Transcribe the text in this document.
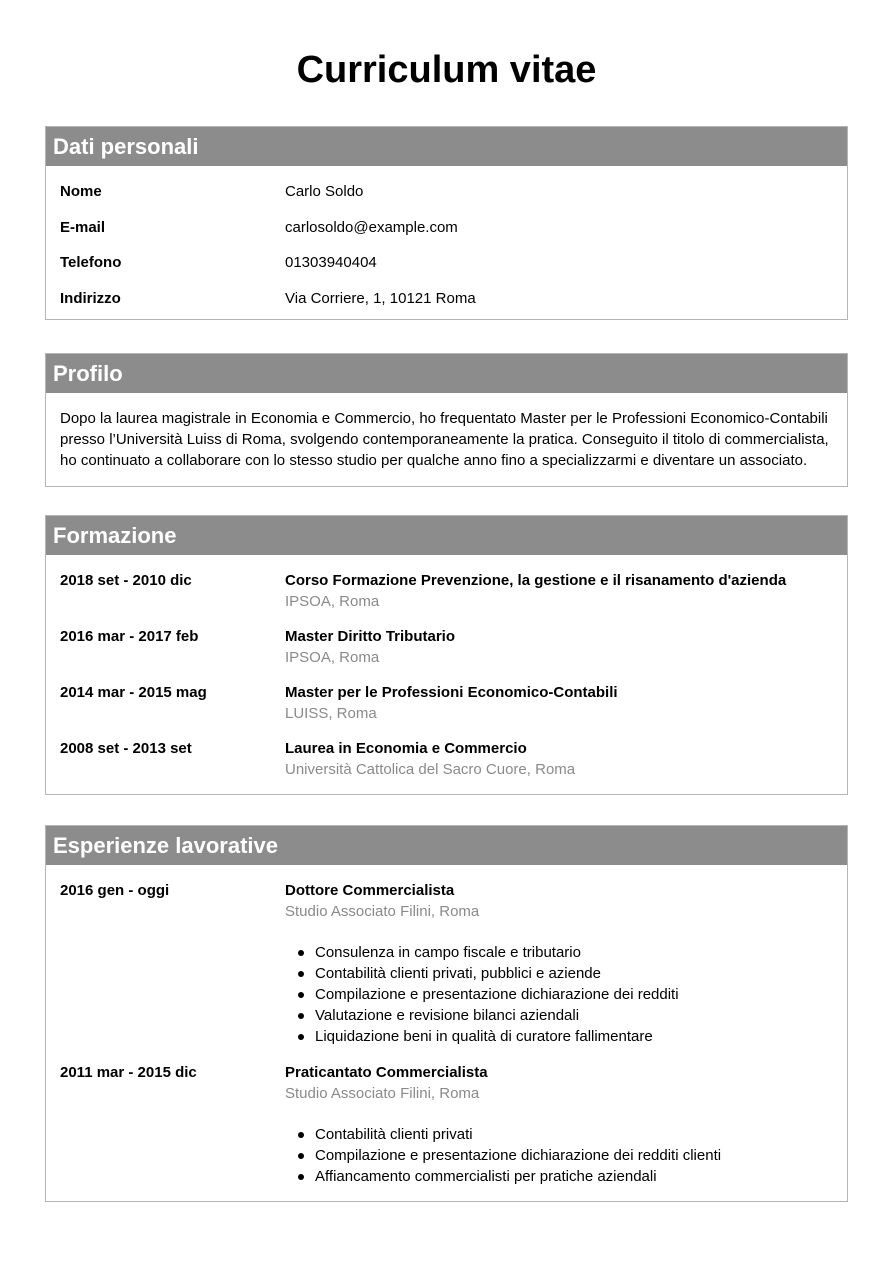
Curriculum vitae
Dati personali
Nome	Carlo Soldo
E-mail	carlosoldo@example.com
Telefono	01303940404
Indirizzo	Via Corriere, 1, 10121 Roma
Profilo

Dopo la laurea magistrale in Economia e Commercio, ho frequentato Master per le Professioni Economico-Contabili presso l’Università Luiss di Roma, svolgendo contemporaneamente la pratica. Conseguito il titolo di commercialista, ho continuato a collaborare con lo stesso studio per qualche anno fino a specializzarmi e diventare un associato.

Formazione
2018 set - 2010 dic	Corso Formazione Prevenzione, la gestione e il risanamento d'azienda
IPSOA, Roma
2016 mar - 2017 feb	Master Diritto Tributario
IPSOA, Roma
2014 mar - 2015 mag	Master per le Professioni Economico-Contabili
LUISS, Roma
2008 set - 2013 set	Laurea in Economia e Commercio
Università Cattolica del Sacro Cuore, Roma
Esperienze lavorative
2016 gen - oggi	Dottore Commercialista
Studio Associato Filini, Roma
Consulenza in campo fiscale e tributario
Contabilità clienti privati, pubblici e aziende
Compilazione e presentazione dichiarazione dei redditi
Valutazione e revisione bilanci aziendali
Liquidazione beni in qualità di curatore fallimentare
2011 mar - 2015 dic	Praticantato Commercialista
Studio Associato Filini, Roma
Contabilità clienti privati
Compilazione e presentazione dichiarazione dei redditi clienti
Affiancamento commercialisti per pratiche aziendali
